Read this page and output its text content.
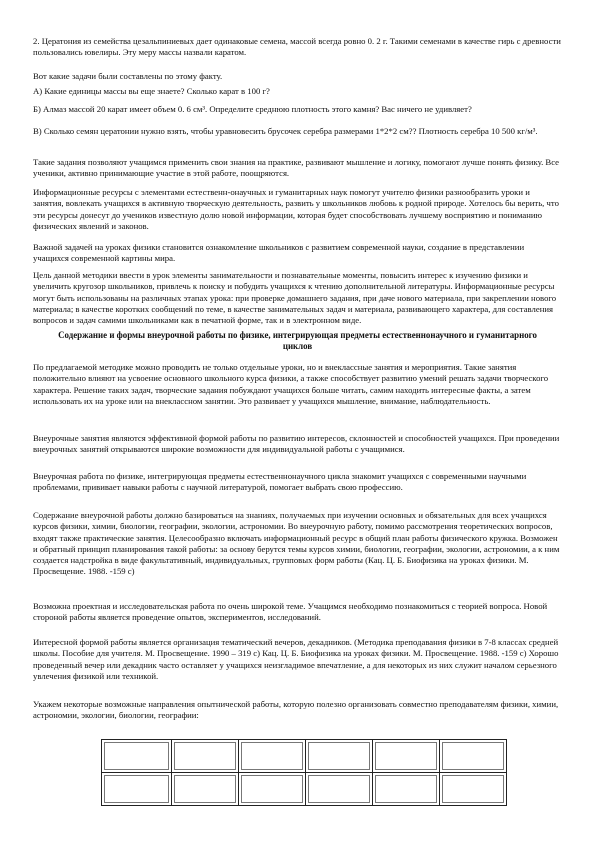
2. Цератония из семейства цезальпиниевых дает одинаковые семена, массой всегда ровно 0. 2 г. Такими семенами в качестве гирь с древности пользовались ювелиры. Эту меру массы назвали каратом.

Вот какие задачи были составлены по этому факту.

А) Какие единицы массы вы еще знаете? Сколько карат в 100 г?

Б) Алмаз массой 20 карат имеет объем 0. 6 см³. Определите среднюю плотность этого камня? Вас ничего не удивляет?

В) Сколько семян цератонии нужно взять, чтобы уравновесить брусочек серебра размерами 1*2*2 см?? Плотность серебра 10 500 кг/м³.

Такие задания позволяют учащимся применить свои знания на практике, развивают мышление и логику, помогают лучше понять физику. Все ученики, активно принимающие участие в этой работе, поощряются.

Информационные ресурсы с элементами естественн-онаучных и гуманитарных наук помогут учителю физики разнообразить уроки и занятия, вовлекать учащихся в активную творческую деятельность, развить у школьников любовь к родной природе. Хотелось бы верить, что эти ресурсы донесут до учеников известную долю новой информации, которая будет способствовать лучшему восприятию и пониманию физических явлений и законов.

Важной задачей на уроках физики становится ознакомление школьников с развитием современной науки, создание в представлении учащихся современной картины мира.

Цель данной методики ввести в урок элементы занимательности и познавательные моменты, повысить интерес к изучению физики и увеличить кругозор школьников, привлечь к поиску и побудить учащихся к чтению дополнительной литературы. Информационные ресурсы могут быть использованы на различных этапах урока: при проверке домашнего задания, при даче нового материала, при закреплении нового материала; в качестве коротких сообщений по теме, в качестве занимательных задач и материала, развивающего характера, для составления вопросов и задач самими школьниками как в печатной форме, так и в электронном виде.

Содержание и формы внеурочной работы по физике, интегрирующая предметы естественнонаучного и гуманитарного циклов

По предлагаемой методике можно проводить не только отдельные уроки, но и внеклассные занятия и мероприятия. Такие занятия положительно влияют на усвоение основного школьного курса физики, а также способствует развитию умений решать задачи творческого характера. Решение таких задач, творческие задания побуждают учащихся больше читать, самим находить интересные факты, а затем использовать их на уроке или на внеклассном занятии. Это развивает у учащихся мышление, внимание, наблюдательность.

Внеурочные занятия являются эффективной формой работы по развитию интересов, склонностей и способностей учащихся. При проведении внеурочных занятий открываются широкие возможности для индивидуальной работы с учащимися.

Внеурочная работа по физике, интегрирующая предметы естественнонаучного цикла знакомит учащихся с современными научными проблемами, прививает навыки работы с научной литературой, помогает выбрать свою профессию.

Содержание внеурочной работы должно базироваться на знаниях, получаемых при изучении основных и обязательных для всех учащихся курсов физики, химии, биологии, географии, экологии, астрономии. Во внеурочную работу, помимо рассмотрения теоретических вопросов, входят также практические занятия. Целесообразно включать информационный ресурс в общий план работы физического кружка. Возможен и обратный принцип планирования такой работы: за основу берутся темы курсов химии, биологии, географии, экологии, астрономии, а к ним создается надстройка в виде факультативный, индивидуальных, групповых форм работы (Кац. Ц. Б. Биофизика на уроках физики. М. Просвещение. 1988. -159 с)

Возможна проектная и исследовательская работа по очень широкой теме. Учащимся необходимо познакомиться с теорией вопроса. Новой стороной работы является проведение опытов, экспериментов, исследований.

Интересной формой работы является организация тематический вечеров, декадников. (Методика преподавания физики в 7-8 классах средней школы. Пособие для учителя. М. Просвещение. 1990 – 319 с) Кац. Ц. Б. Биофизика на уроках физики. М. Просвещение. 1988. -159 с) Хорошо проведенный вечер или декадник часто оставляет у учащихся неизгладимое впечатление, а для некоторых из них служит началом серьезного увлечения физикой или техникой.

Укажем некоторые возможные направления опытнической работы, которую полезно организовать совместно преподавателям физики, химии, астрономии, экологии, биологии, географии:
